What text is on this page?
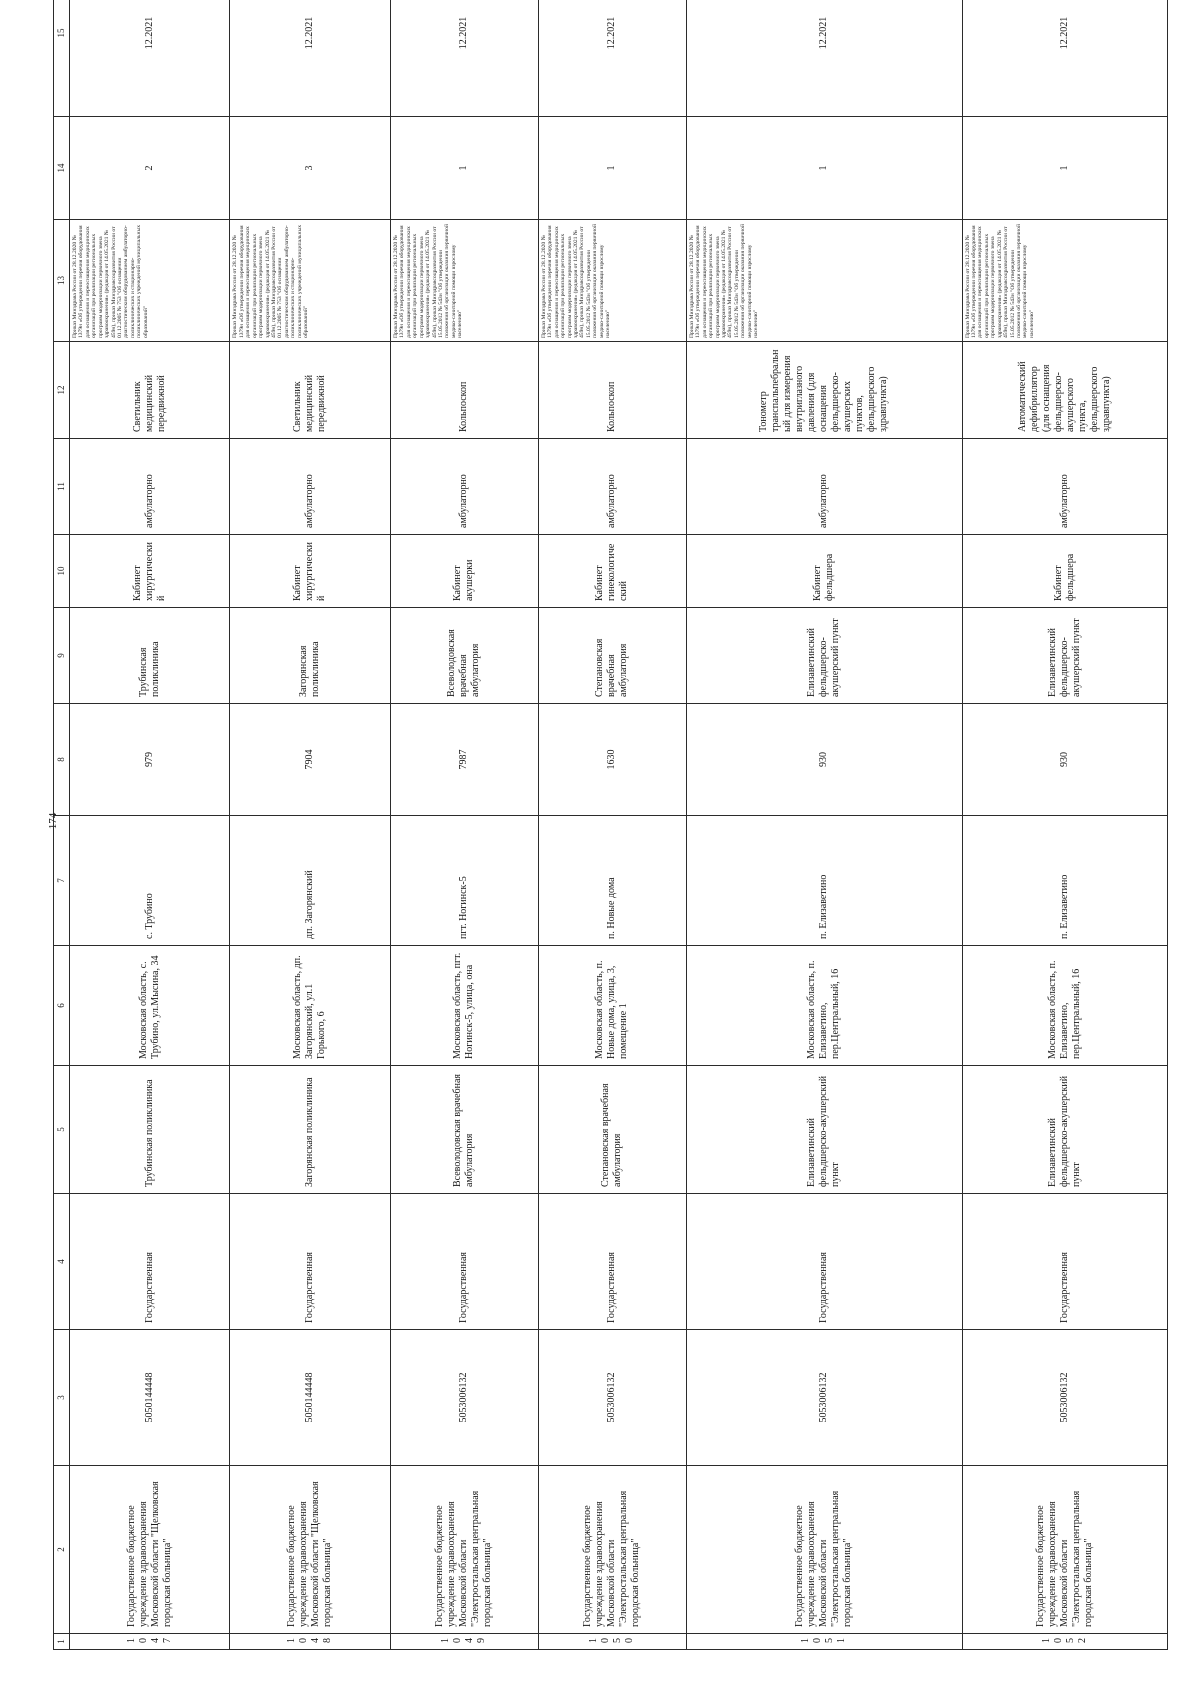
174
1	2	3	4	5	6	7	8	9	10	11	12	13	14	15
1047	Государственное бюджетное учреждение здравоохранения Московской области "Щелковская городская больница"	5050144448	Государственная	Трубинская поликлиника	Московская область, с. Трубино, ул.Мысина, 34	с. Трубино	979	Трубинская поликлиника	Кабинет хирургический	амбулаторно	Светильник медицинский передвижной	Приказ Минздрава России от 28.12.2020 № 1379н «Об утверждении перечня оборудования для оснащения и переоснащения медицинских организаций при реализации региональных программ модернизации первичного звена здравоохранения» (редакция от 14.05.2021 № 459н), приказ Минздравсоцразвития России от 01.12.2005 № 753 "Об оснащении диагностическим оборудованием амбулаторно-поликлинических и стационарно-поликлинических учреждений муниципальных образований"	2	12.2021
1048	Государственное бюджетное учреждение здравоохранения Московской области "Щелковская городская больница"	5050144448	Государственная	Загорянская поликлиника	Московская область, дп. Загорянский, ул.1 Горького, 6	дп. Загорянский	7904	Загорянская поликлиника	Кабинет хирургический	амбулаторно	Светильник медицинский передвижной	Приказ Минздрава России от 28.12.2020 № 1379н «Об утверждении перечня оборудования для оснащения и переоснащения медицинских организаций при реализации региональных программ модернизации первичного звена здравоохранения» (редакция от 14.05.2021 № 459н), приказ Минздравсоцразвития России от 01.12.2005 № 753 "Об оснащении диагностическим оборудованием амбулаторно-поликлинических и стационарно-поликлинических учреждений муниципальных образований"	3	12.2021
1049	Государственное бюджетное учреждение здравоохранения Московской области "Электростальская центральная городская больница"	5053006132	Государственная	Всеволодовская врачебная амбулатория	Московская область, пгт. Ногинск-5, улица, она	пгт. Ногинск-5	7987	Всеволодовская врачебная амбулатория	Кабинет акушерки	амбулаторно	Кольпоскоп	Приказ Минздрава России от 28.12.2020 № 1379н «Об утверждении перечня оборудования для оснащения и переоснащения медицинских организаций при реализации региональных программ модернизации первичного звена здравоохранения» (редакция от 14.05.2021 № 459н), приказ Минздравсоцразвития России от 15.05.2012 № 543н "Об утверждении положения об организации оказания первичной медико-санитарной помощи взрослому населению"	1	12.2021
1050	Государственное бюджетное учреждение здравоохранения Московской области "Электростальская центральная городская больница"	5053006132	Государственная	Степановская врачебная амбулатория	Московская область, п. Новые дома, улица, 3, помещение 1	п. Новые дома	1630	Степановская врачебная амбулатория	Кабинет гинекологический	амбулаторно	Кольпоскоп	Приказ Минздрава России от 28.12.2020 № 1379н «Об утверждении перечня оборудования для оснащения и переоснащения медицинских организаций при реализации региональных программ модернизации первичного звена здравоохранения» (редакция от 14.05.2021 № 459н), приказ Минздравсоцразвития России от 15.05.2012 № 543н "Об утверждении положения об организации оказания первичной медико-санитарной помощи взрослому населению"	1	12.2021
1051	Государственное бюджетное учреждение здравоохранения Московской области "Электростальская центральная городская больница"	5053006132	Государственная	Елизаветинский фельдшерско-акушерский пункт	Московская область, п. Елизаветино, пер.Центральный, 16	п. Елизаветино	930	Елизаветинский фельдшерско-акушерский пункт	Кабинет фельдшера	амбулаторно	Тонометр транспальпебральный для измерения внутриглазного давления (для оснащения фельдшерско-акушерских пунктов, фельдшерского здравпункта)	Приказ Минздрава России от 28.12.2020 № 1379н «Об утверждении перечня оборудования для оснащения и переоснащения медицинских организаций при реализации региональных программ модернизации первичного звена здравоохранения» (редакция от 14.05.2021 № 459н), приказ Минздравсоцразвития России от 15.05.2012 № 543н "Об утверждении положения об организации оказания первичной медико-санитарной помощи взрослому населению"	1	12.2021
1052	Государственное бюджетное учреждение здравоохранения Московской области "Электростальская центральная городская больница"	5053006132	Государственная	Елизаветинский фельдшерско-акушерский пункт	Московская область, п. Елизаветино, пер.Центральный, 16	п. Елизаветино	930	Елизаветинский фельдшерско-акушерский пункт	Кабинет фельдшера	амбулаторно	Автоматический дефибриллятор (для оснащения фельдшерско-акушерского пункта, фельдшерского здравпункта)	Приказ Минздрава России от 28.12.2020 № 1379н «Об утверждении перечня оборудования для оснащения и переоснащения медицинских организаций при реализации региональных программ модернизации первичного звена здравоохранения» (редакция от 14.05.2021 № 459н), приказ Минздравсоцразвития России от 15.05.2012 № 543н "Об утверждении положения об организации оказания первичной медико-санитарной помощи взрослому населению"	1	12.2021
